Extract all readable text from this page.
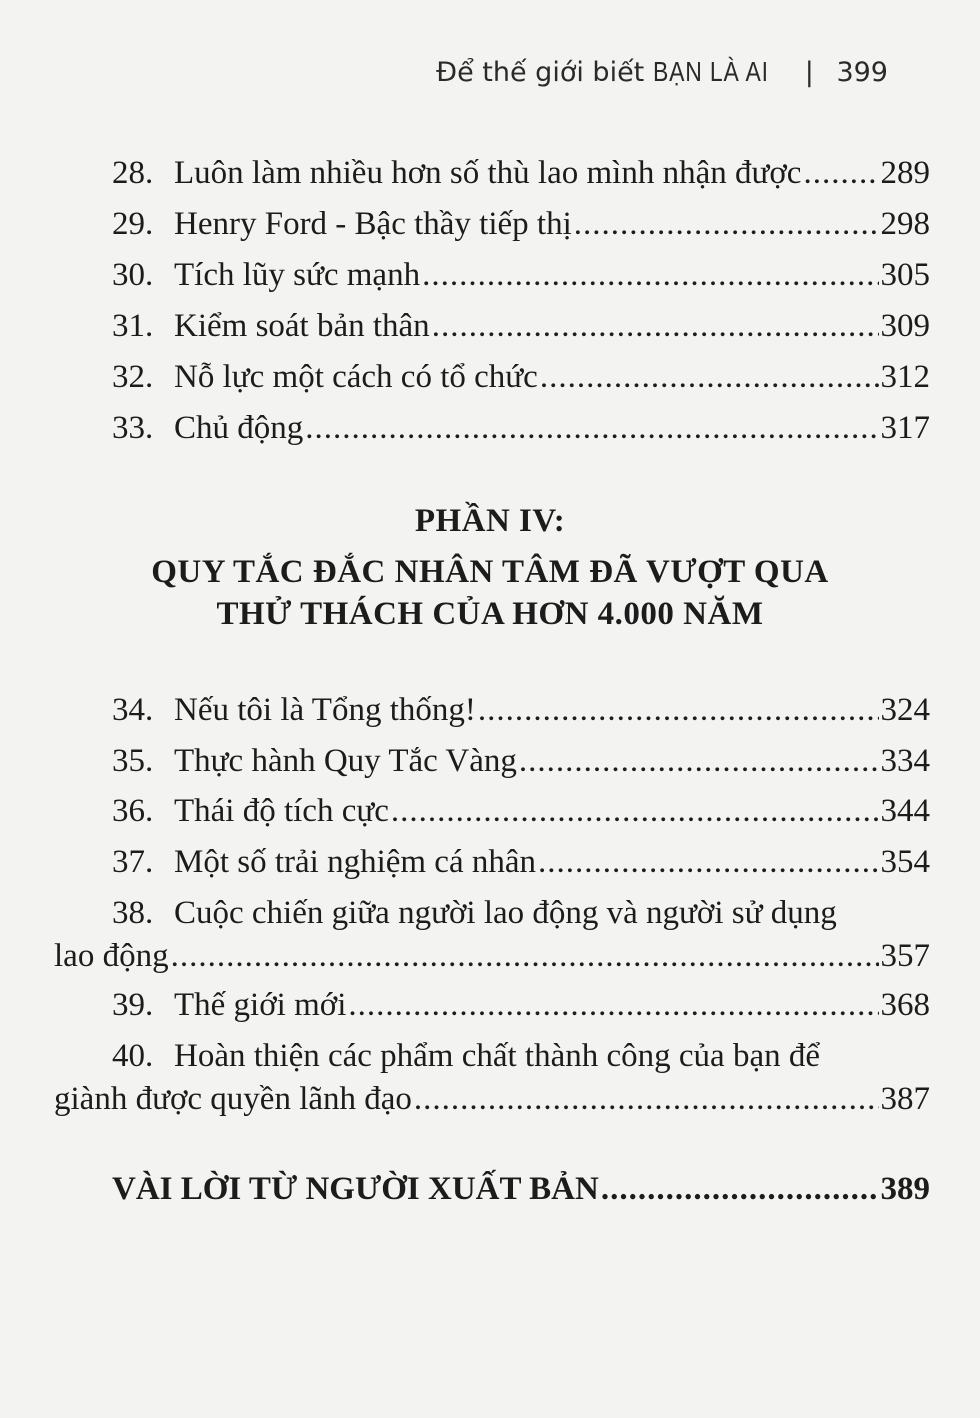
Để thế giới biết BẠN LÀ AI | 399
28. Luôn làm nhiều hơn số thù lao mình nhận được ..... 289
29. Henry Ford - Bậc thầy tiếp thị .....	298
30. Tích lũy sức mạnh .....	305
31. Kiểm soát bản thân .....	309
32. Nỗ lực một cách có tổ chức .....	312
33. Chủ động .....	317
PHẦN IV:
QUY TẮC ĐẮC NHÂN TÂM ĐÃ VƯỢT QUA
THỬ THÁCH CỦA HƠN 4.000 NĂM
34. Nếu tôi là Tổng thống! .....	324
35. Thực hành Quy Tắc Vàng .....	334
36. Thái độ tích cực .....	344
37. Một số trải nghiệm cá nhân .....	354
38. Cuộc chiến giữa người lao động và người sử dụng
lao động .....	357
39. Thế giới mới .....	368
40. Hoàn thiện các phẩm chất thành công của bạn để
giành được quyền lãnh đạo .....	387
VÀI LỜI TỪ NGƯỜI XUẤT BẢN .....	389
